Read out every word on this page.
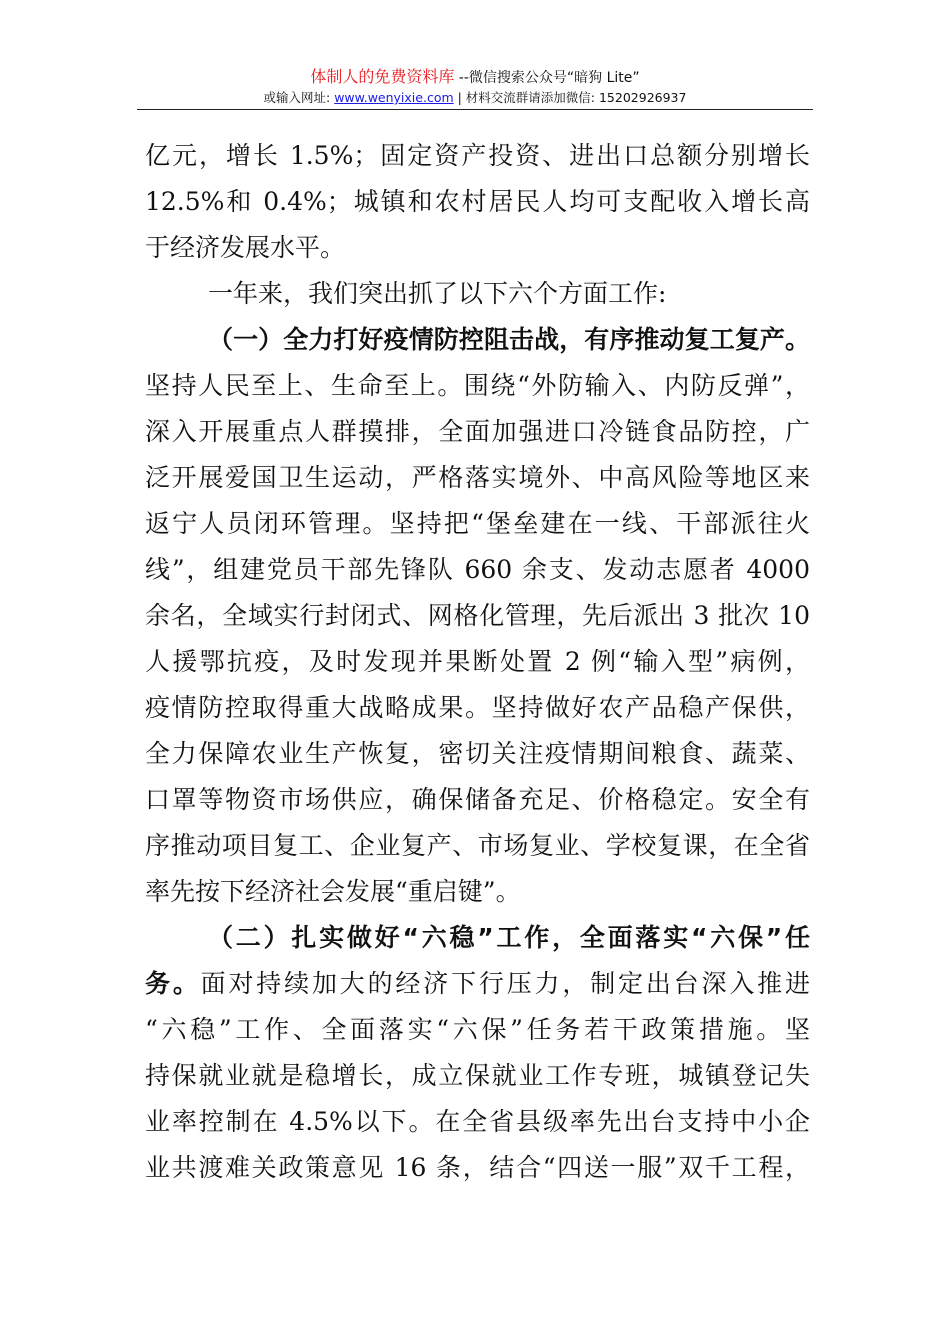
体制人的免费资料库 --微信搜索公众号“暗狗 Lite”
或输入网址: www.wenyixie.com | 材料交流群请添加微信: 15202926937
亿元，增长 1.5%；固定资产投资、进出口总额分别增长
12.5%和 0.4%；城镇和农村居民人均可支配收入增长高
于经济发展水平。
一年来，我们突出抓了以下六个方面工作:
（一）全力打好疫情防控阻击战，有序推动复工复产。
坚持人民至上、生命至上。围绕“外防输入、内防反弹”，
深入开展重点人群摸排，全面加强进口冷链食品防控，广
泛开展爱国卫生运动，严格落实境外、中高风险等地区来
返宁人员闭环管理。坚持把“堡垒建在一线、干部派往火
线”，组建党员干部先锋队 660 余支、发动志愿者 4000
余名，全域实行封闭式、网格化管理，先后派出 3 批次 10
人援鄂抗疫，及时发现并果断处置 2 例“输入型”病例，
疫情防控取得重大战略成果。坚持做好农产品稳产保供，
全力保障农业生产恢复，密切关注疫情期间粮食、蔬菜、
口罩等物资市场供应，确保储备充足、价格稳定。安全有
序推动项目复工、企业复产、市场复业、学校复课，在全省
率先按下经济社会发展“重启键”。
（二）扎实做好“六稳”工作，全面落实“六保”任
务。面对持续加大的经济下行压力，制定出台深入推进
“六稳”工作、全面落实“六保”任务若干政策措施。坚
持保就业就是稳增长，成立保就业工作专班，城镇登记失
业率控制在 4.5%以下。在全省县级率先出台支持中小企
业共渡难关政策意见 16 条，结合“四送一服”双千工程，
